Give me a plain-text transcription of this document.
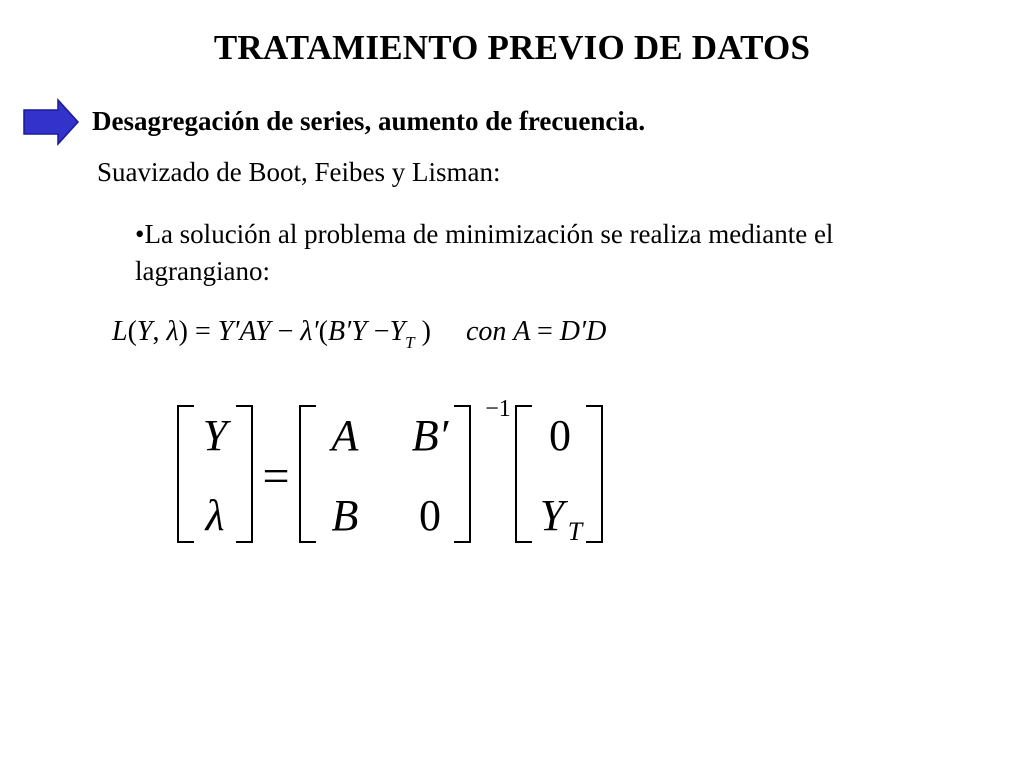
TRATAMIENTO PREVIO DE DATOS
Desagregación de series, aumento de frecuencia.
Suavizado de Boot, Feibes y Lisman:
•La solución al problema de minimización se realiza mediante el lagrangiano:
L(Y, $\lambda) = Y'AY - \lambda'(B'Y -Y_T$ ) con A = D′D
Y
λ
=
A B′
B 0
−1
0
Y T
